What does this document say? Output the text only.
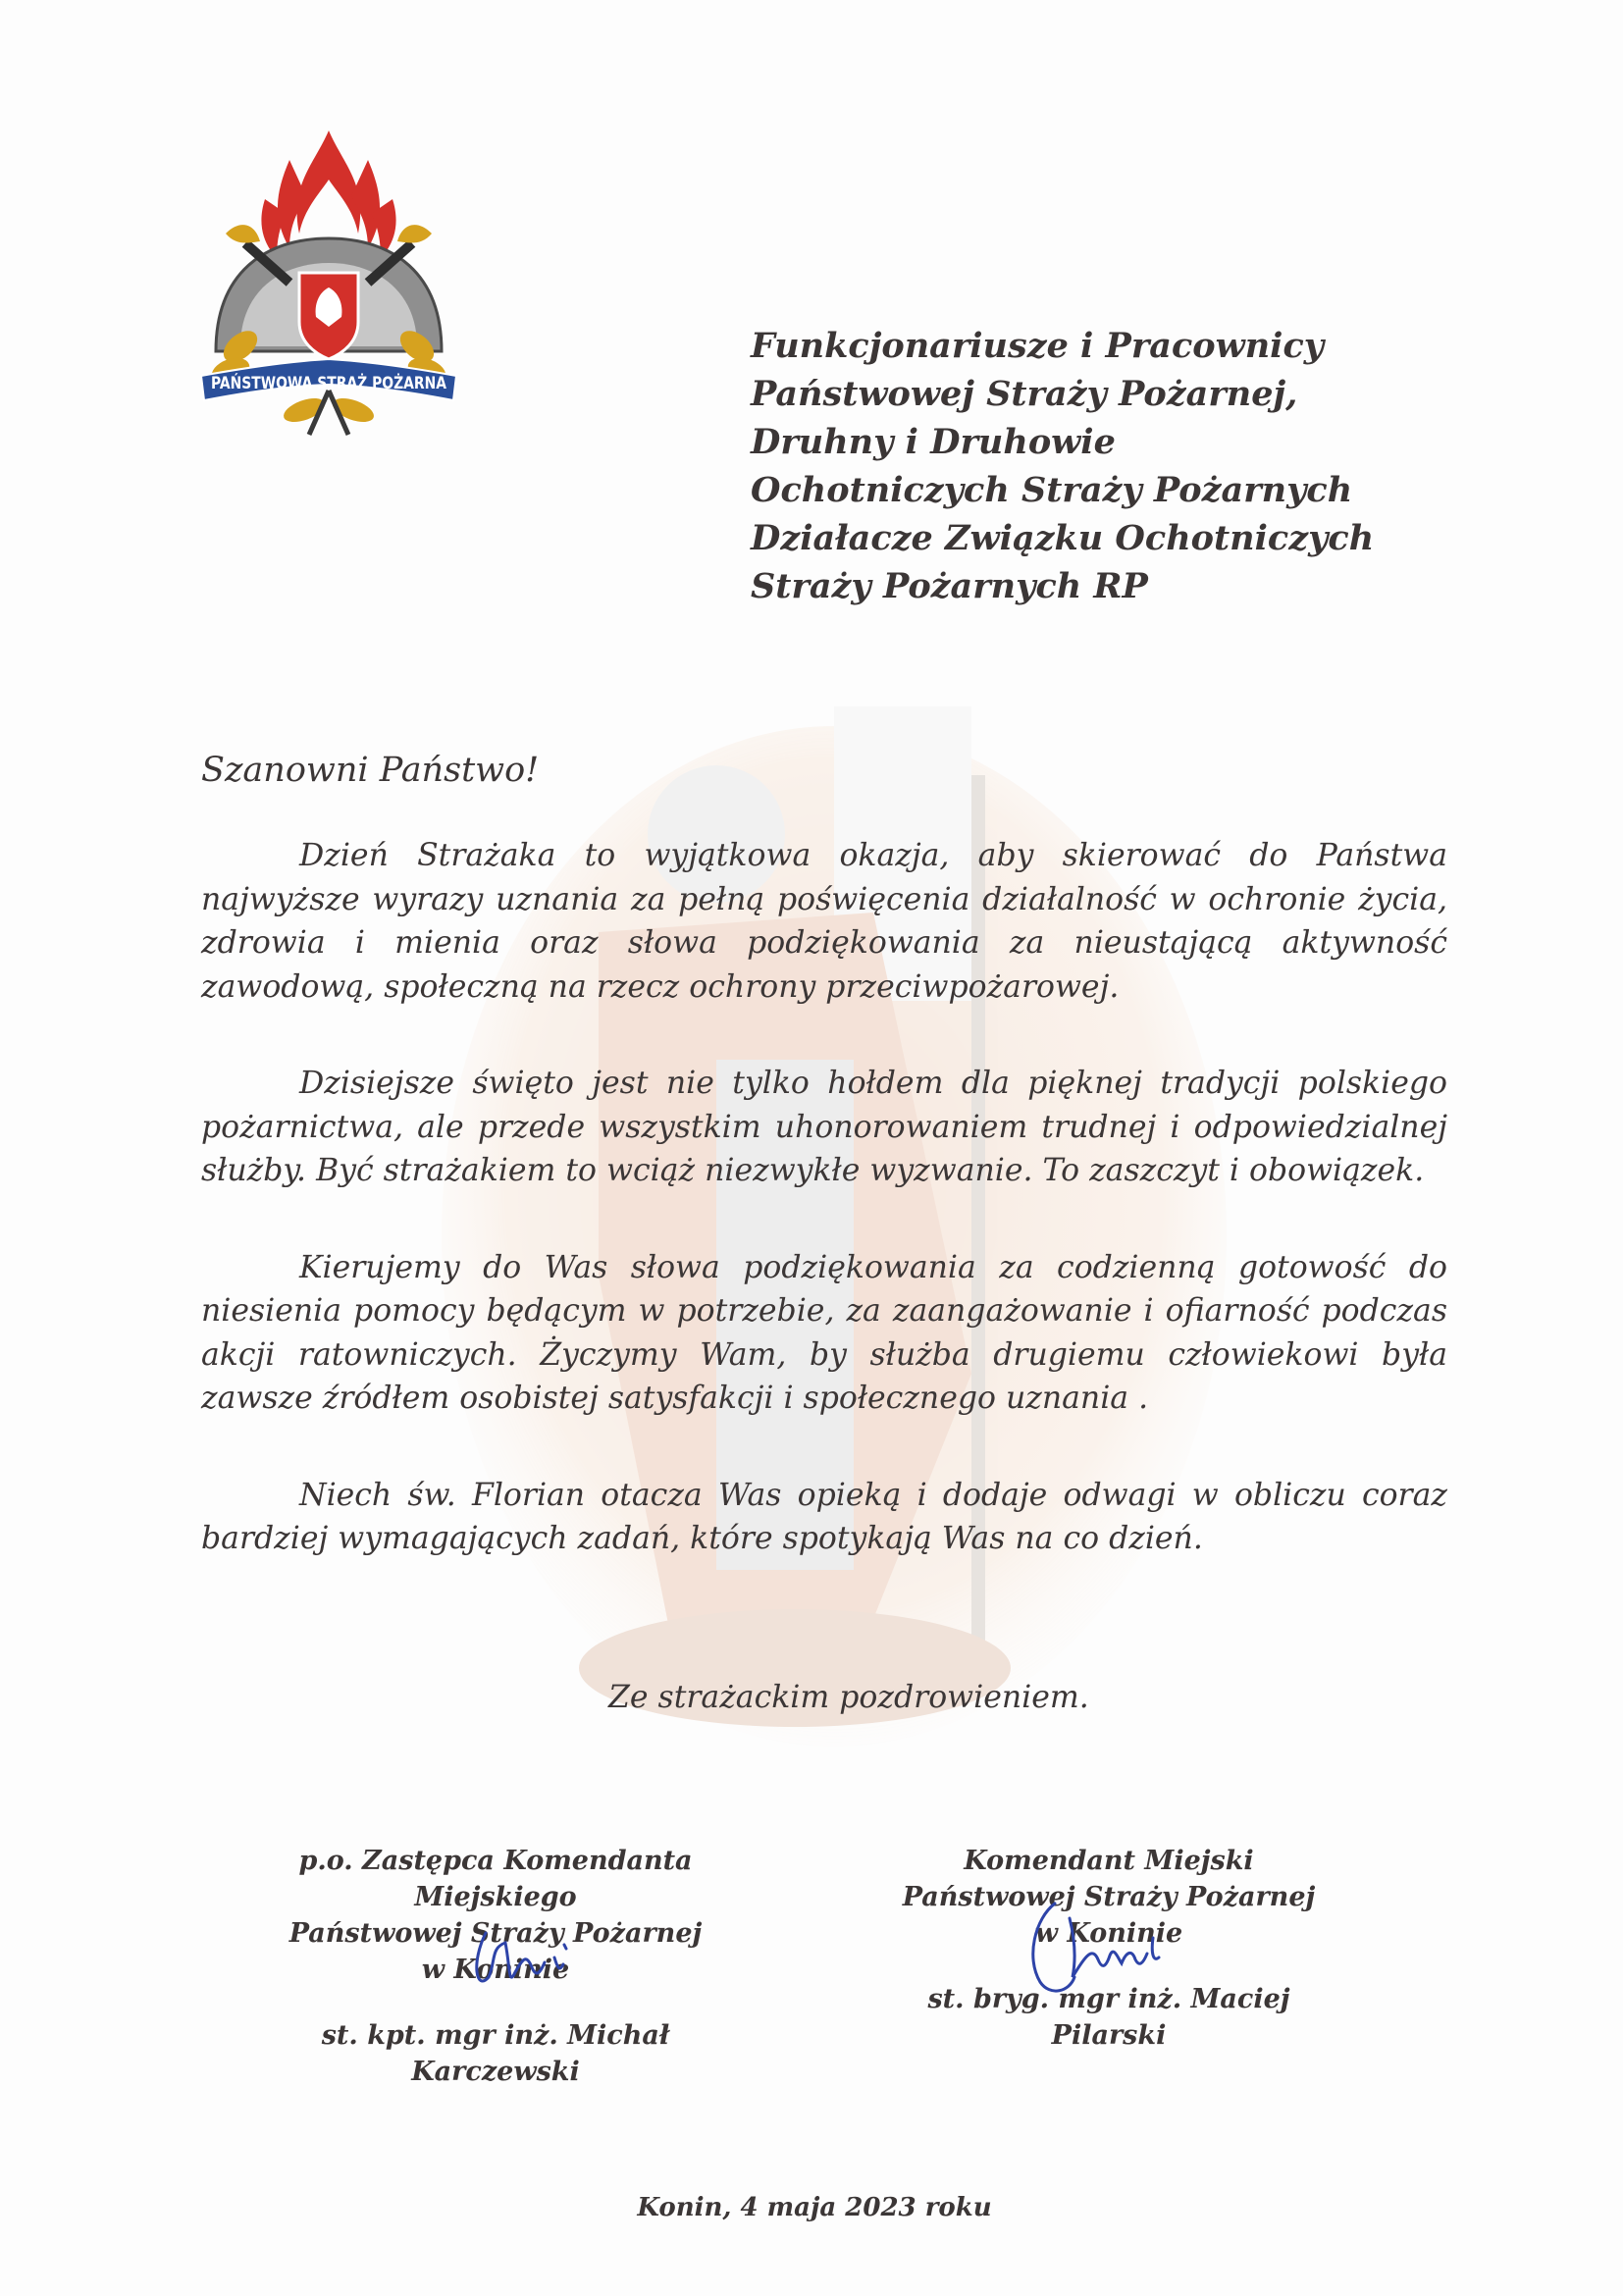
PAŃSTWOWA STRAŻ POŻARNA
Funkcjonariusze i Pracownicy
Państwowej Straży Pożarnej,
Druhny i Druhowie
Ochotniczych Straży Pożarnych
Działacze Związku Ochotniczych
Straży Pożarnych RP
Szanowni Państwo!

Dzień Strażaka to wyjątkowa okazja, aby skierować do Państwa najwyższe wyrazy uznania za pełną poświęcenia działalność w ochronie życia, zdrowia i mienia oraz słowa podziękowania za nieustającą aktywność zawodową, społeczną na rzecz ochrony przeciwpożarowej.

Dzisiejsze święto jest nie tylko hołdem dla pięknej tradycji polskiego pożarnictwa, ale przede wszystkim uhonorowaniem trudnej i odpowiedzialnej służby. Być strażakiem to wciąż niezwykłe wyzwanie. To zaszczyt i obowiązek.

Kierujemy do Was słowa podziękowania za codzienną gotowość do niesienia pomocy będącym w potrzebie, za zaangażowanie i ofiarność podczas akcji ratowniczych. Życzymy Wam, by służba drugiemu człowiekowi była zawsze źródłem osobistej satysfakcji i społecznego uznania .

Niech św. Florian otacza Was opieką i dodaje odwagi w obliczu coraz bardziej wymagających zadań, które spotykają Was na co dzień.

Ze strażackim pozdrowieniem.
p.o. Zastępca Komendanta Miejskiego
Państwowej Straży Pożarnej
w Koninie
st. kpt. mgr inż. Michał Karczewski
Komendant Miejski
Państwowej Straży Pożarnej
w Koninie
st. bryg. mgr inż. Maciej Pilarski
Konin, 4 maja 2023 roku
